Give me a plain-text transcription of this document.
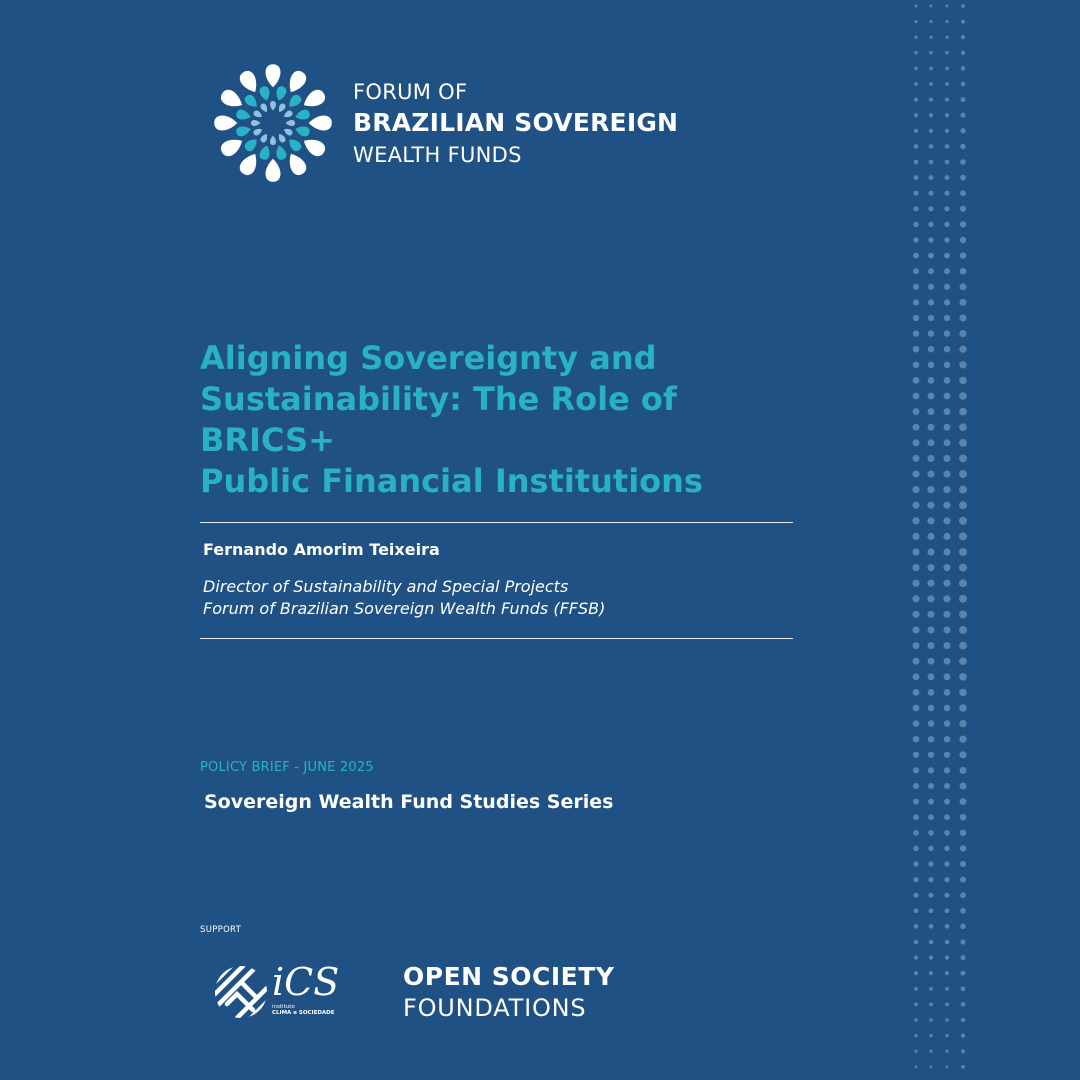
FORUM OF
BRAZILIAN SOVEREIGN
WEALTH FUNDS
Aligning Sovereignty and
Sustainability: The Role of BRICS+
Public Financial Institutions
Fernando Amorim Teixeira
Director of Sustainability and Special Projects
Forum of Brazilian Sovereign Wealth Funds (FFSB)
POLICY BRIEF - JUNE 2025
Sovereign Wealth Fund Studies Series
SUPPORT
iCS
instituto
CLIMA e SOCIEDADE
OPEN SOCIETY
FOUNDATIONS
